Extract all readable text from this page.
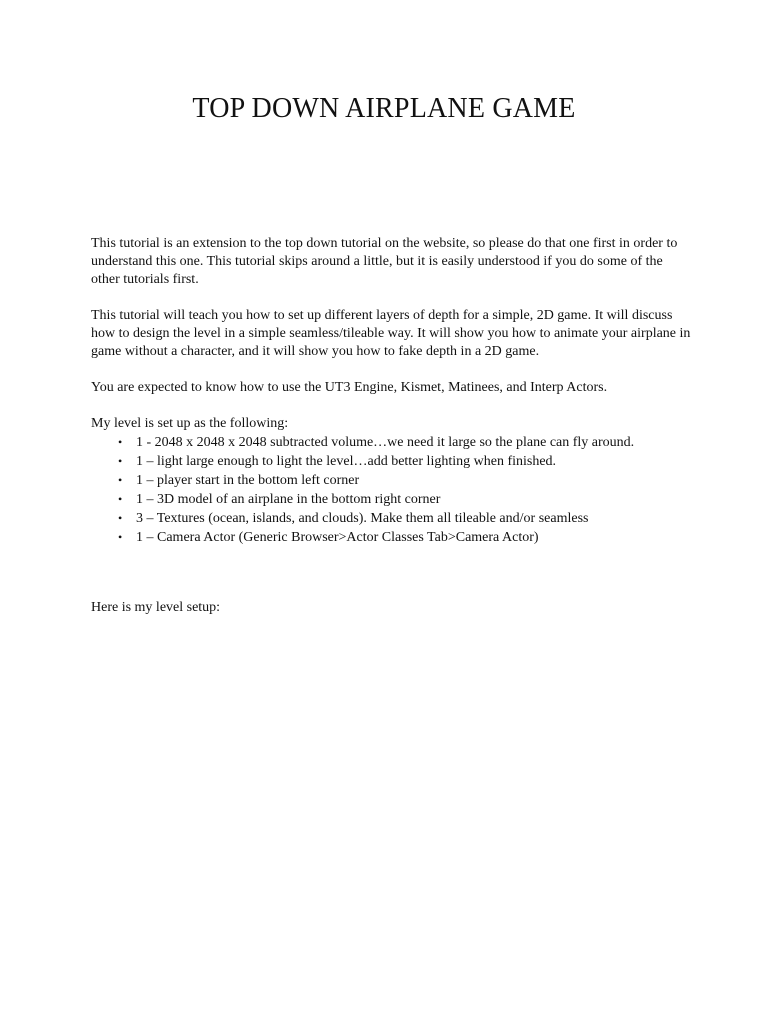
TOP DOWN AIRPLANE GAME

This tutorial is an extension to the top down tutorial on the website, so please do that one first in order to understand this one. This tutorial skips around a little, but it is easily understood if you do some of the other tutorials first.

This tutorial will teach you how to set up different layers of depth for a simple, 2D game. It will discuss how to design the level in a simple seamless/tileable way. It will show you how to animate your airplane in game without a character, and it will show you how to fake depth in a 2D game.

You are expected to know how to use the UT3 Engine, Kismet, Matinees, and Interp Actors.

My level is set up as the following:

• 1 - 2048 x 2048 x 2048 subtracted volume…we need it large so the plane can fly around.
• 1 – light large enough to light the level…add better lighting when finished.
• 1 – player start in the bottom left corner
• 1 – 3D model of an airplane in the bottom right corner
• 3 – Textures (ocean, islands, and clouds). Make them all tileable and/or seamless
• 1 – Camera Actor (Generic Browser>Actor Classes Tab>Camera Actor)

Here is my level setup:
